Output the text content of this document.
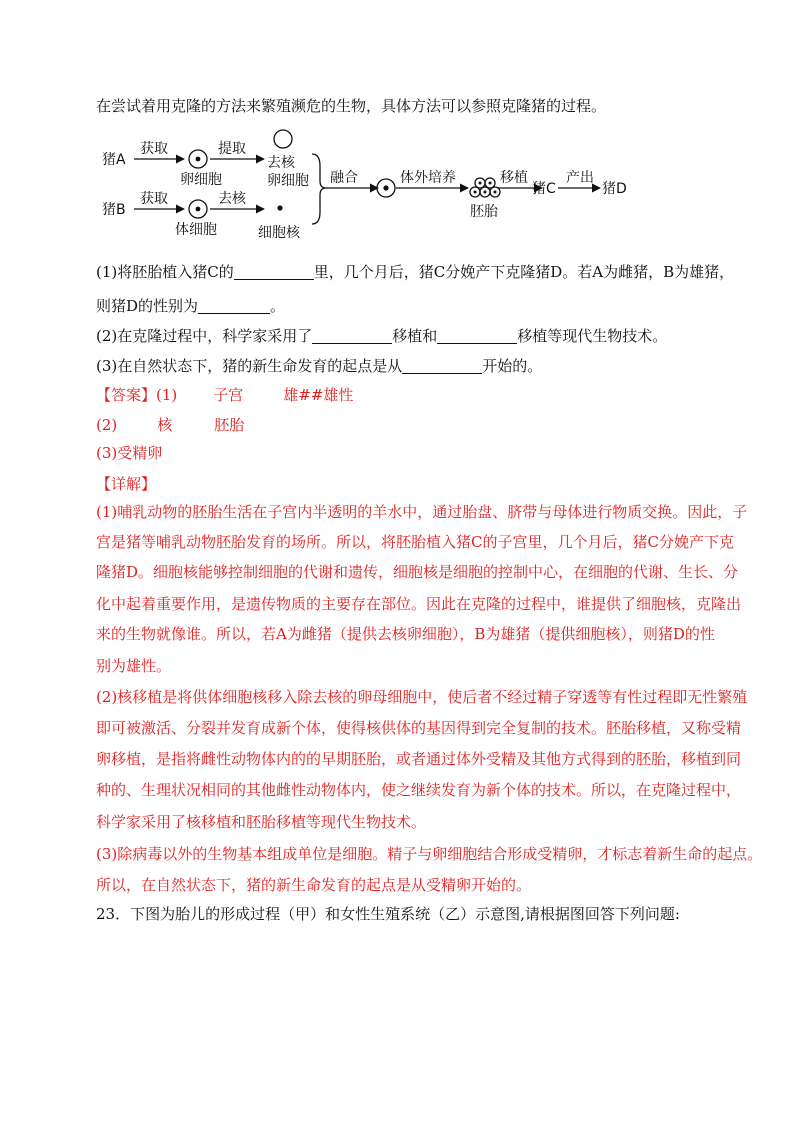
在尝试着用克隆的方法来繁殖濒危的生物，具体方法可以参照克隆猪的过程。
猪A
猪B
获取
获取
提取
去核
卵细胞
体细胞
去核
卵细胞
细胞核
融合	体外培养
胚胎
移植
猪C
产出
猪D
(1)将胚胎植入猪C的	里，几个月后，猪C分娩产下克隆猪D。若A为雌猪，B为雄猪，
则猪D的性别为	。
(2)在克隆过程中，科学家采用了	移植和	移植等现代生物技术。
(3)在自然状态下，猪的新生命发育的起点是从	开始的。
【答案】(1) 子宫	雄##雄性
(2)	核	胚胎
(3)受精卵
【详解】
(1)哺乳动物的胚胎生活在子宫内半透明的羊水中，通过胎盘、脐带与母体进行物质交换。因此，子
宫是猪等哺乳动物胚胎发育的场所。所以，将胚胎植入猪C的子宫里，几个月后，猪C分娩产下克
隆猪D。细胞核能够控制细胞的代谢和遗传，细胞核是细胞的控制中心，在细胞的代谢、生长、分
化中起着重要作用，是遗传物质的主要存在部位。因此在克隆的过程中，谁提供了细胞核，克隆出
来的生物就像谁。所以，若A为雌猪（提供去核卵细胞），B为雄猪（提供细胞核），则猪D的性
别为雄性。
(2)核移植是将供体细胞核移入除去核的卵母细胞中，使后者不经过精子穿透等有性过程即无性繁殖
即可被激活、分裂并发育成新个体，使得核供体的基因得到完全复制的技术。胚胎移植，又称受精
卵移植，是指将雌性动物体内的的早期胚胎，或者通过体外受精及其他方式得到的胚胎，移植到同
种的、生理状况相同的其他雌性动物体内，使之继续发育为新个体的技术。所以，在克隆过程中，
科学家采用了核移植和胚胎移植等现代生物技术。
(3)除病毒以外的生物基本组成单位是细胞。精子与卵细胞结合形成受精卵，才标志着新生命的起点。
所以，在自然状态下，猪的新生命发育的起点是从受精卵开始的。
23．下图为胎儿的形成过程（甲）和女性生殖系统（乙）示意图,请根据图回答下列问题:
